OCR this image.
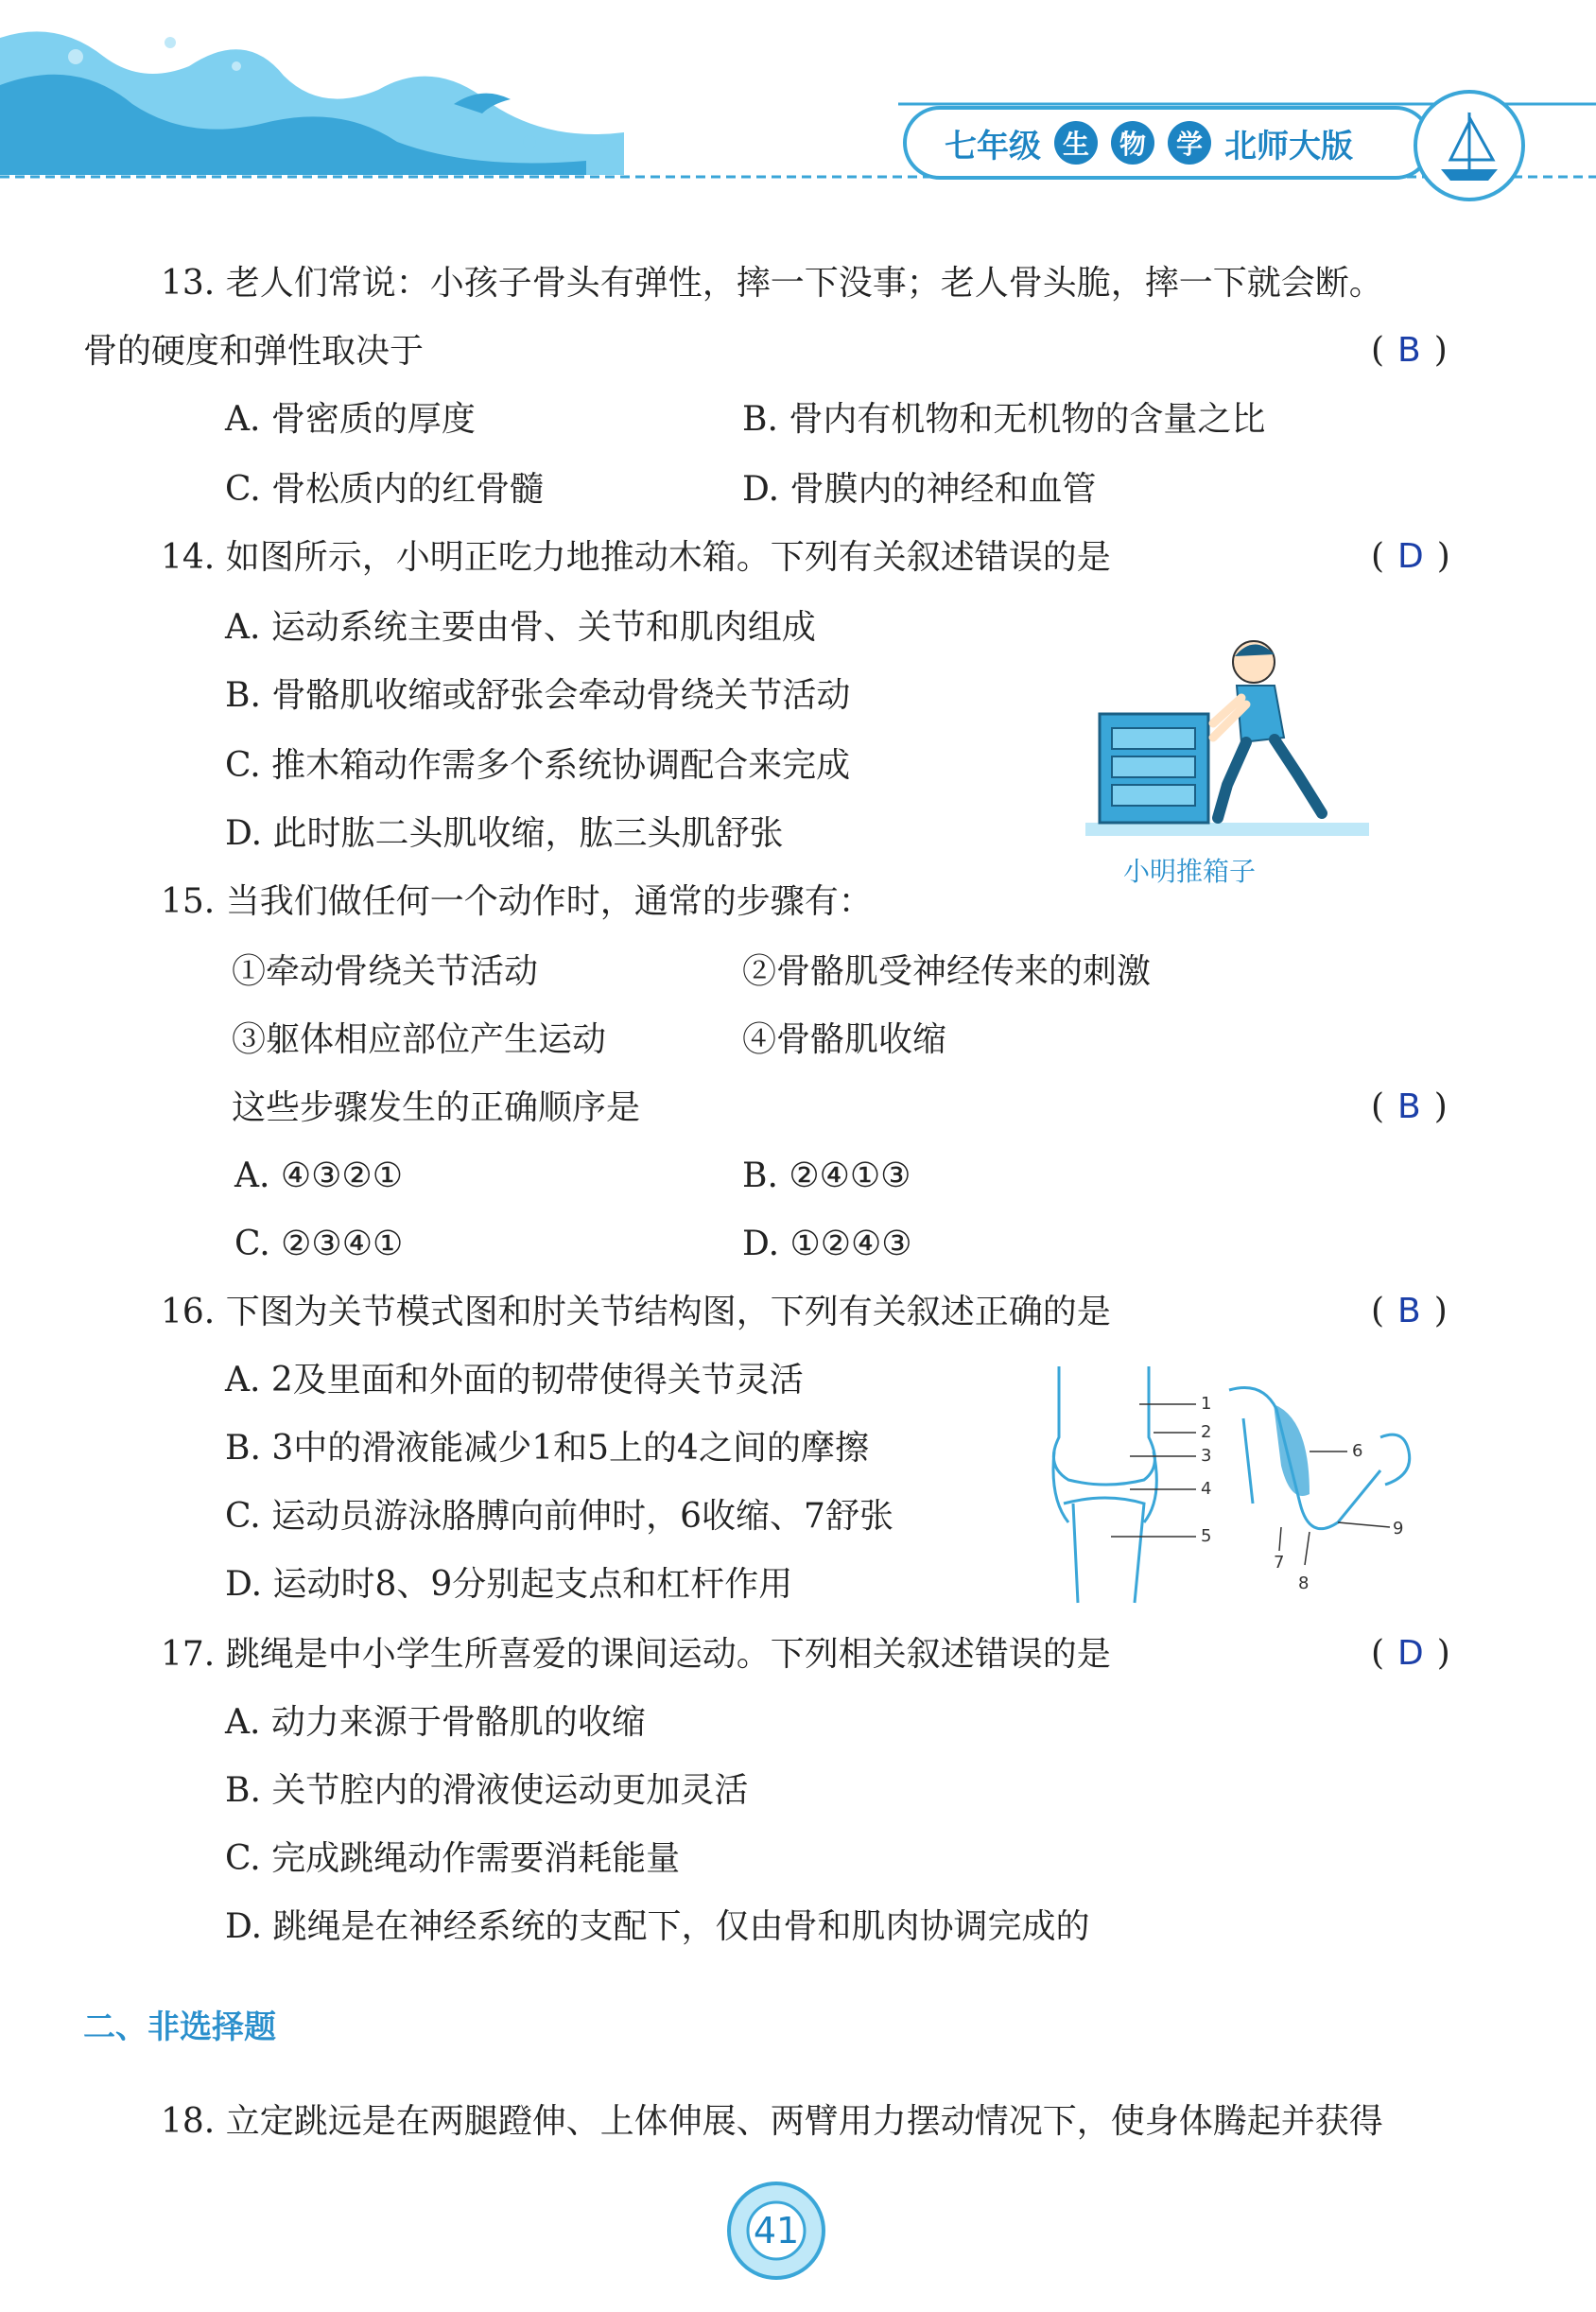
七年级 生	物	学 北师大版
13. 老人们常说：小孩子骨头有弹性，摔一下没事；老人骨头脆，摔一下就会断。
骨的硬度和弹性取决于	( B )
A. 骨密质的厚度	B. 骨内有机物和无机物的含量之比
C. 骨松质内的红骨髓	D. 骨膜内的神经和血管
14. 如图所示，小明正吃力地推动木箱。下列有关叙述错误的是	( D )
A. 运动系统主要由骨、关节和肌肉组成
B. 骨骼肌收缩或舒张会牵动骨绕关节活动
C. 推木箱动作需多个系统协调配合来完成
D. 此时肱二头肌收缩，肱三头肌舒张
小明推箱子
15. 当我们做任何一个动作时，通常的步骤有：
①牵动骨绕关节活动	②骨骼肌受神经传来的刺激
③躯体相应部位产生运动	④骨骼肌收缩
这些步骤发生的正确顺序是	( B )
A. ④③②①	B. ②④①③
C. ②③④①	D. ①②④③
16. 下图为关节模式图和肘关节结构图，下列有关叙述正确的是	( B )
A. 2及里面和外面的韧带使得关节灵活
B. 3中的滑液能减少1和5上的4之间的摩擦
C. 运动员游泳胳膊向前伸时，6收缩、7舒张
D. 运动时8、9分别起支点和杠杆作用
1
2
3
4
5
6
7
8
9
17. 跳绳是中小学生所喜爱的课间运动。下列相关叙述错误的是	( D )
A. 动力来源于骨骼肌的收缩
B. 关节腔内的滑液使运动更加灵活
C. 完成跳绳动作需要消耗能量
D. 跳绳是在神经系统的支配下，仅由骨和肌肉协调完成的
二、非选择题
18. 立定跳远是在两腿蹬伸、上体伸展、两臂用力摆动情况下，使身体腾起并获得
41
